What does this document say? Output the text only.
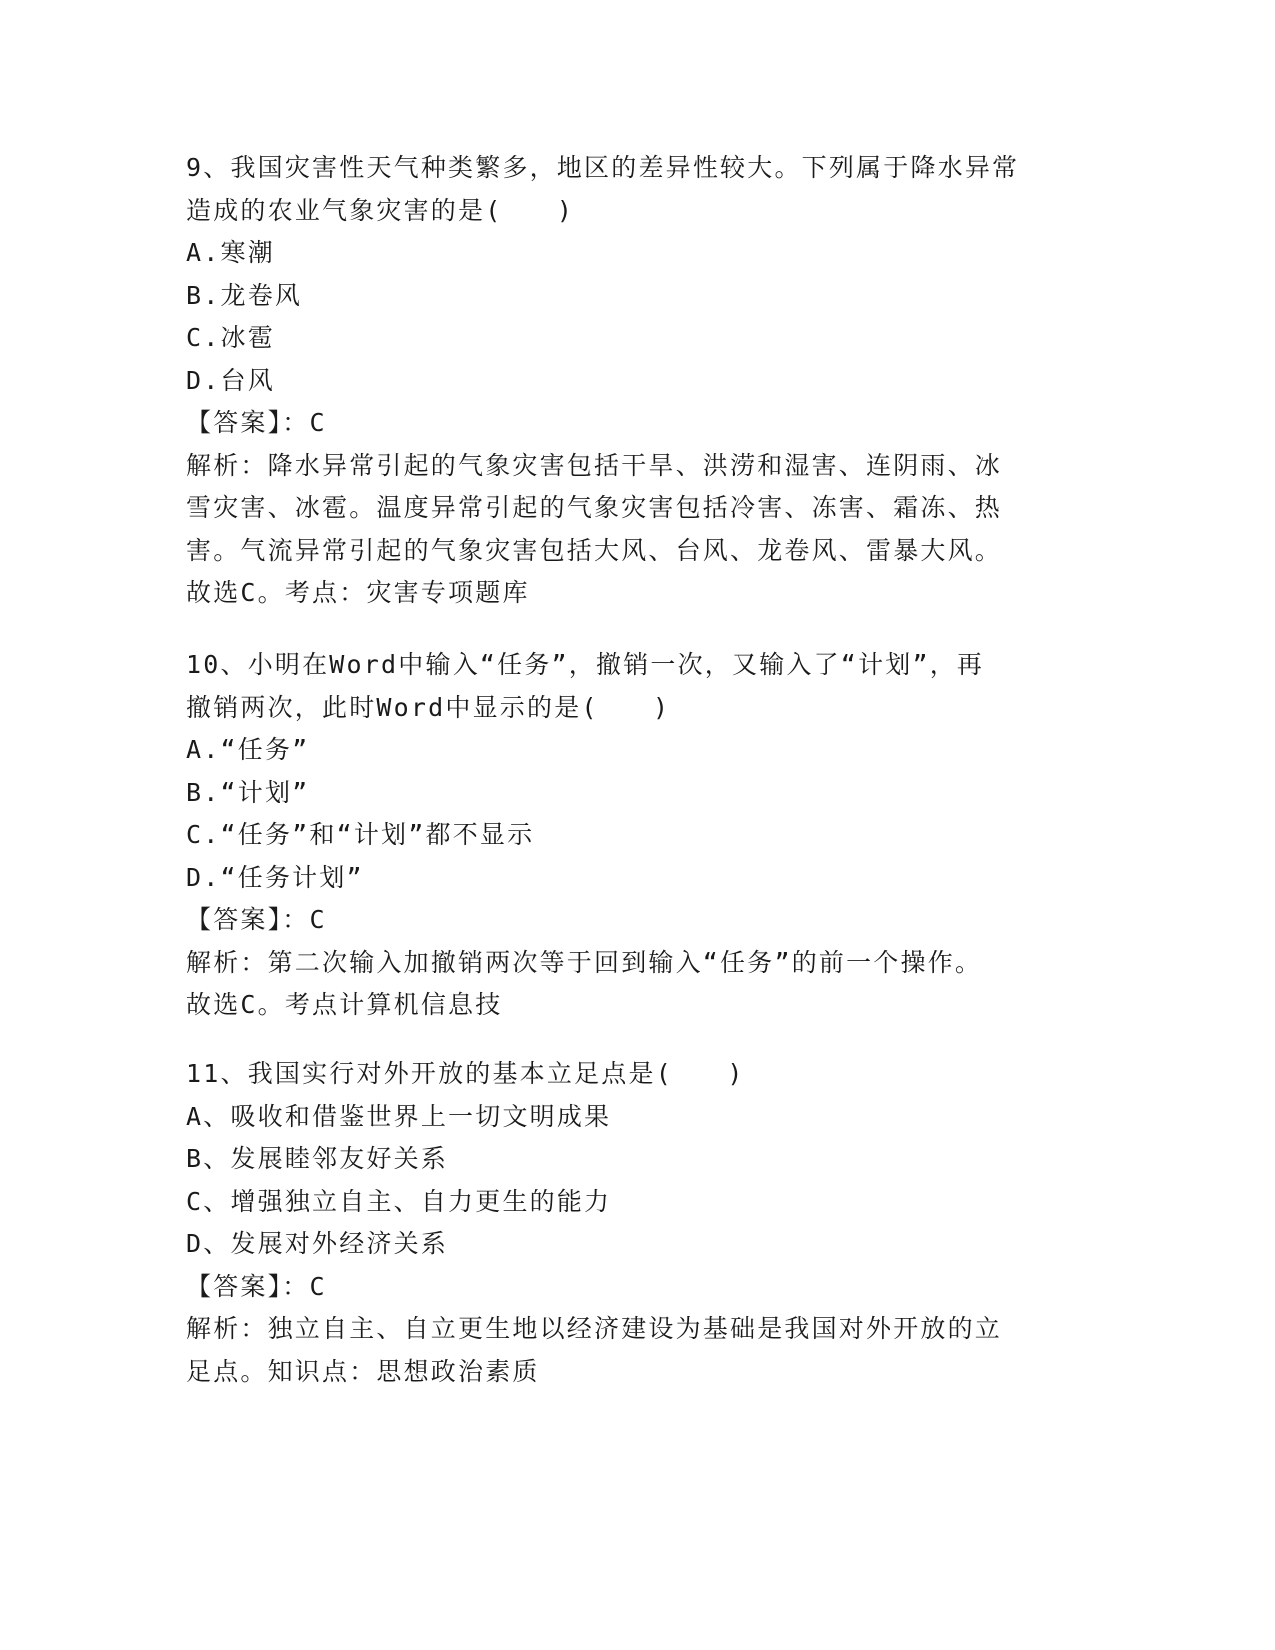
9、我国灾害性天气种类繁多，地区的差异性较大。下列属于降水异常
造成的农业气象灾害的是(　　)
A.寒潮
B.龙卷风
C.冰雹
D.台风
【答案】：C
解析：降水异常引起的气象灾害包括干旱、洪涝和湿害、连阴雨、冰
雪灾害、冰雹。温度异常引起的气象灾害包括冷害、冻害、霜冻、热
害。气流异常引起的气象灾害包括大风、台风、龙卷风、雷暴大风。
故选C。考点：灾害专项题库
10、小明在Word中输入“任务”，撤销一次，又输入了“计划”，再
撤销两次，此时Word中显示的是(　　)
A.“任务”
B.“计划”
C.“任务”和“计划”都不显示
D.“任务计划”
【答案】：C
解析：第二次输入加撤销两次等于回到输入“任务”的前一个操作。
故选C。考点计算机信息技
11、我国实行对外开放的基本立足点是(　　)
A、吸收和借鉴世界上一切文明成果
B、发展睦邻友好关系
C、增强独立自主、自力更生的能力
D、发展对外经济关系
【答案】：C
解析：独立自主、自立更生地以经济建设为基础是我国对外开放的立
足点。知识点：思想政治素质
